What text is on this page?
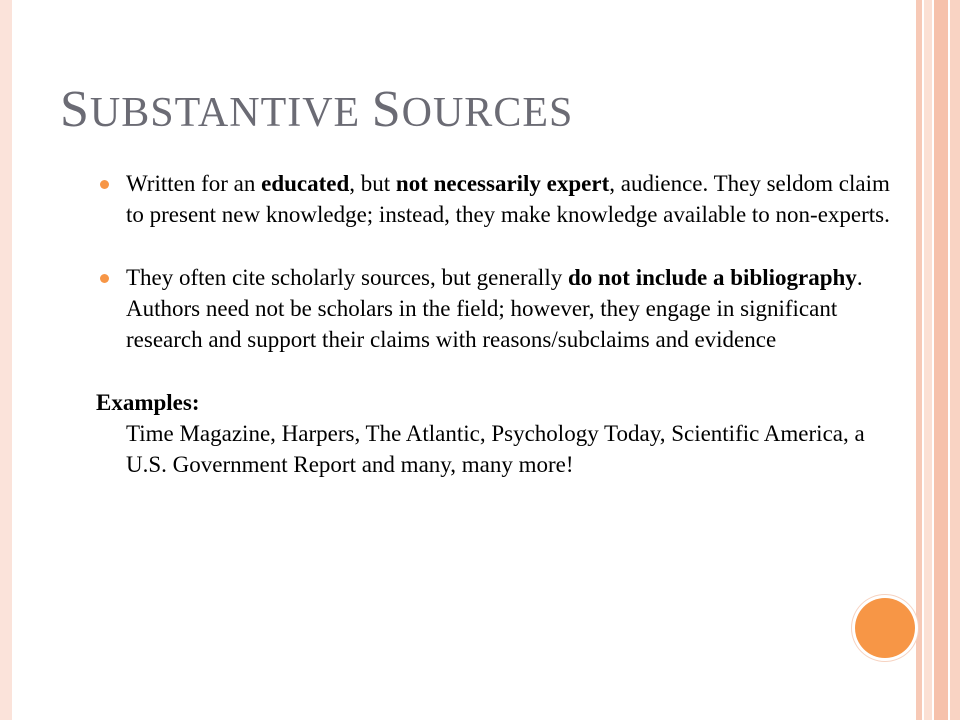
SUBSTANTIVE SOURCES
Written for an educated, but not necessarily expert, audience. They seldom claim to present new knowledge; instead, they make knowledge available to non-experts.
They often cite scholarly sources, but generally do not include a bibliography. Authors need not be scholars in the field; however, they engage in significant research and support their claims with reasons/subclaims and evidence
Examples:
Time Magazine, Harpers, The Atlantic, Psychology Today, Scientific America, a U.S. Government Report and many, many more!
